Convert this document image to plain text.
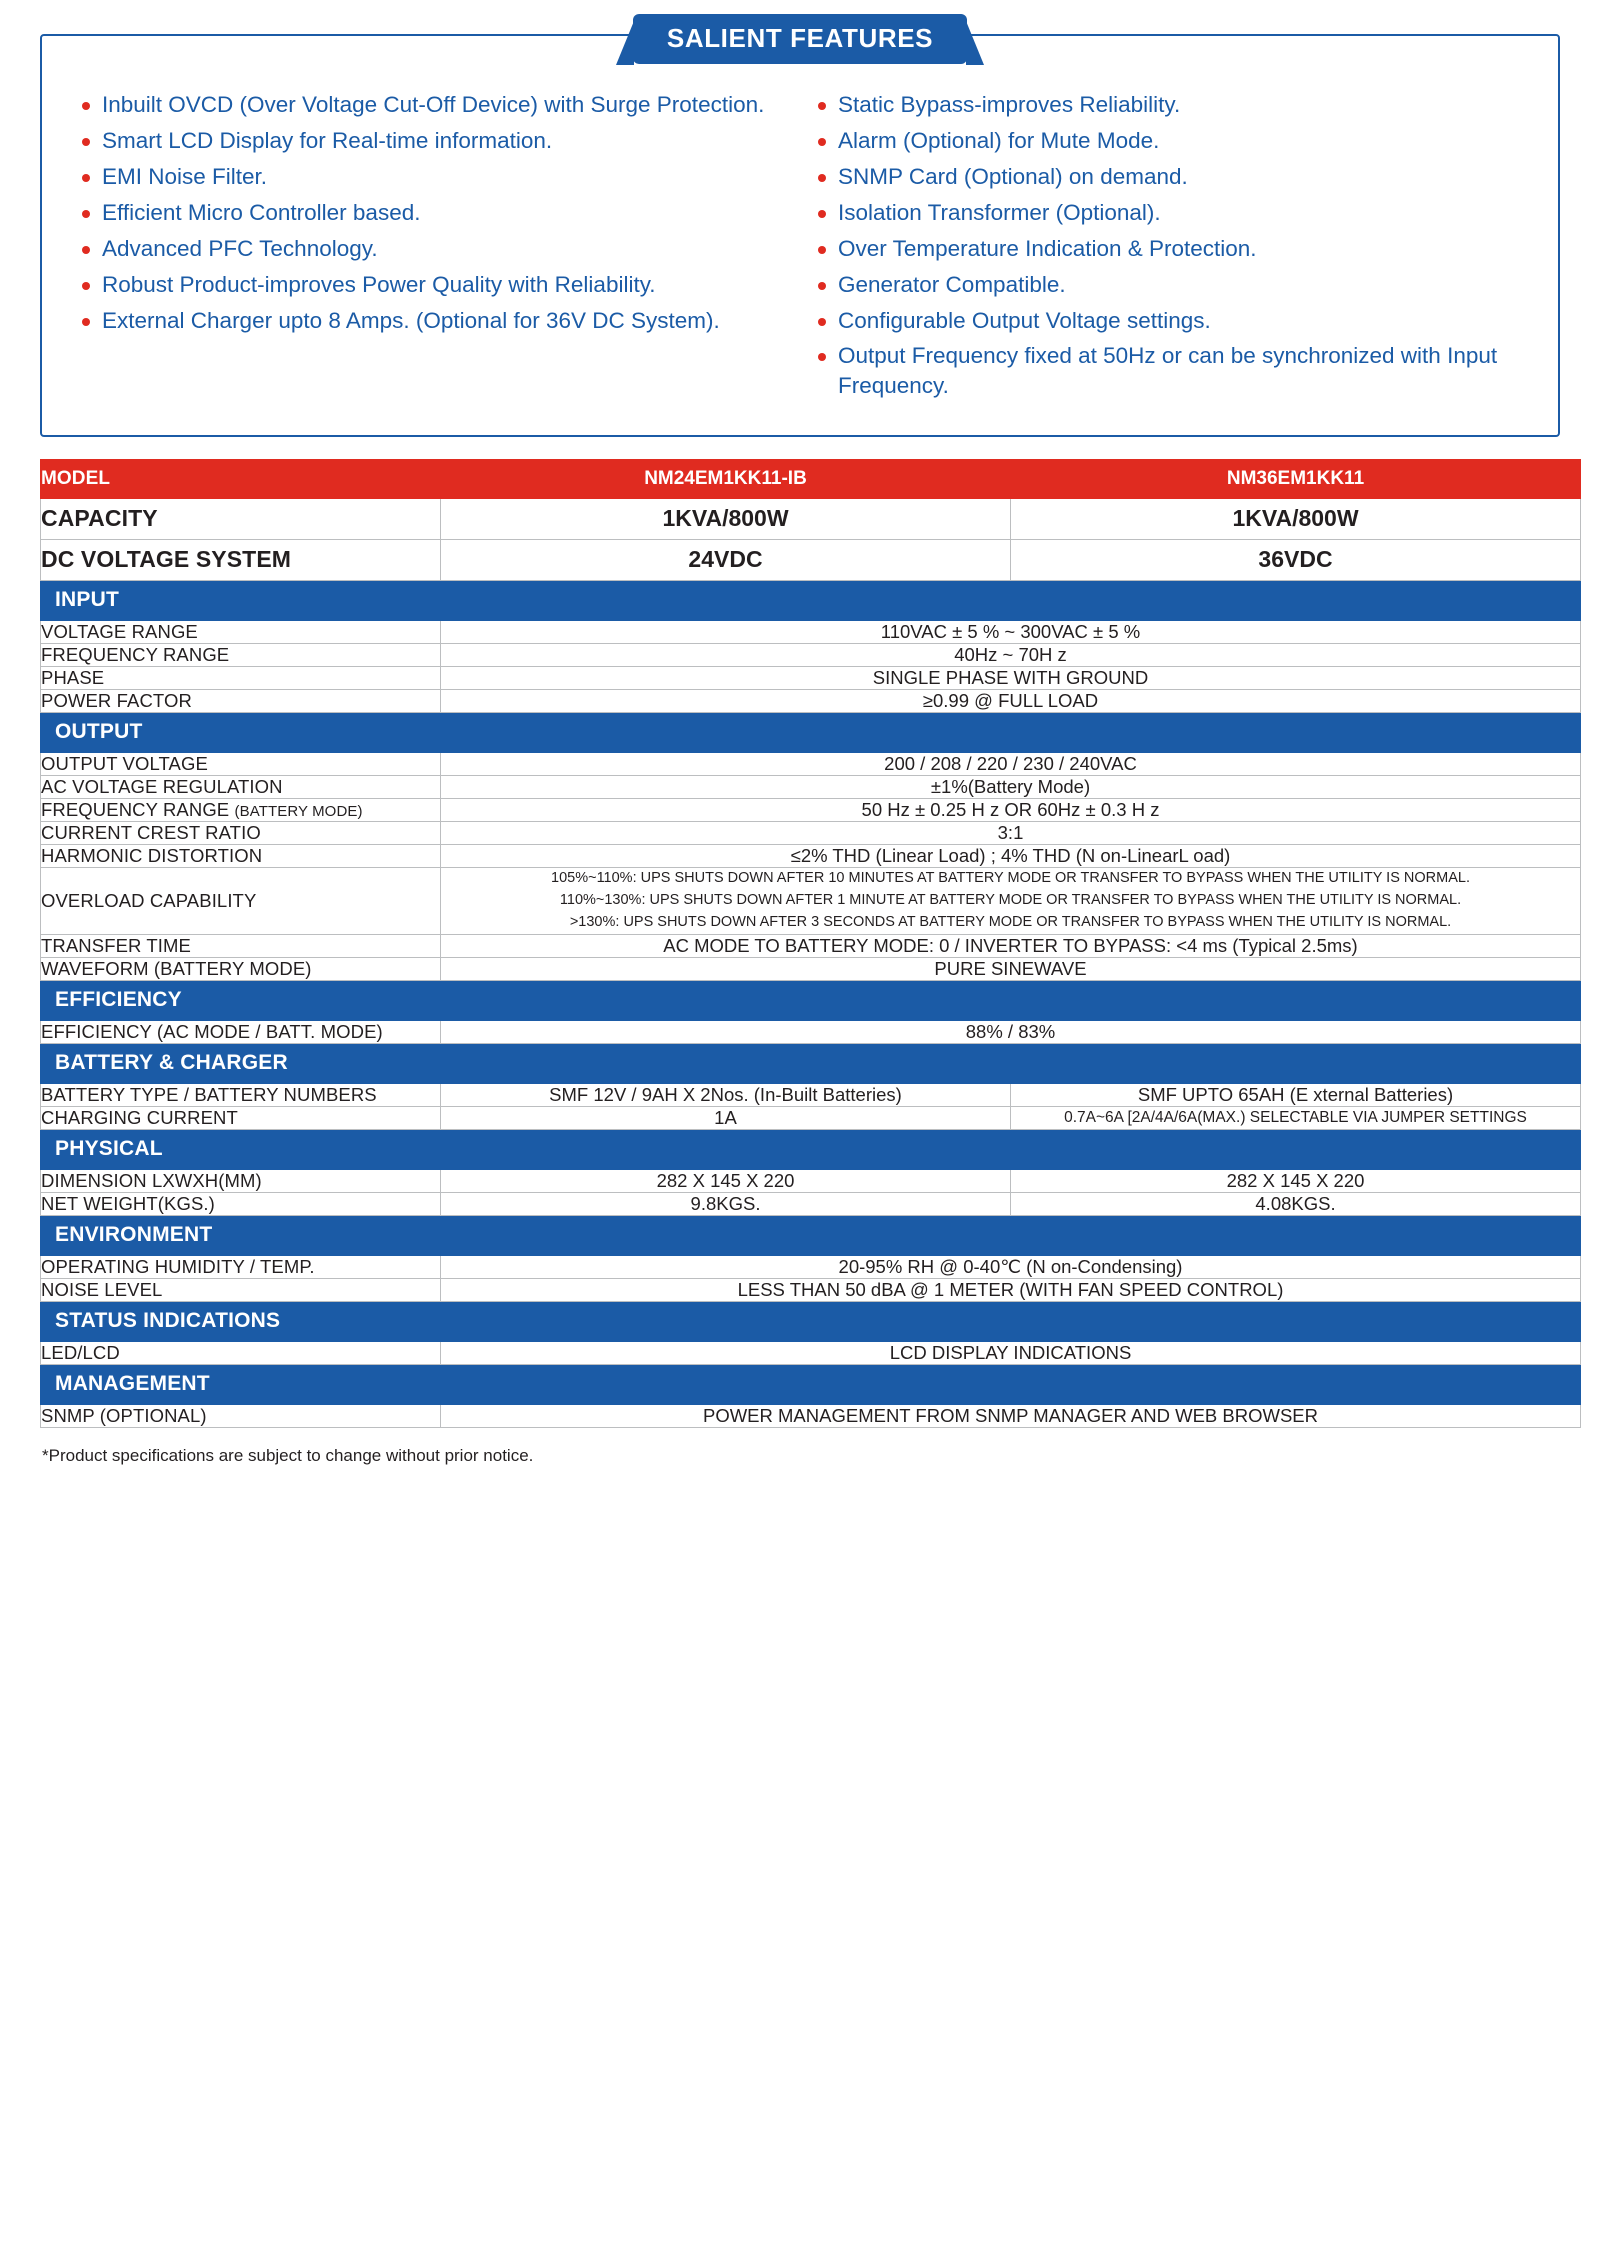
SALIENT FEATURES
Inbuilt OVCD (Over Voltage Cut-Off Device) with Surge Protection.
Smart LCD Display for Real-time information.
EMI Noise Filter.
Efficient Micro Controller based.
Advanced PFC Technology.
Robust Product-improves Power Quality with Reliability.
External Charger upto 8 Amps. (Optional for 36V DC System).
Static Bypass-improves Reliability.
Alarm (Optional) for Mute Mode.
SNMP Card (Optional) on demand.
Isolation Transformer (Optional).
Over Temperature Indication & Protection.
Generator Compatible.
Configurable Output Voltage settings.
Output Frequency fixed at 50Hz or can be synchronized with Input Frequency.
MODEL	NM24EM1KK11-IB	NM36EM1KK11
CAPACITY	1KVA/800W	1KVA/800W
DC VOLTAGE SYSTEM	24VDC	36VDC
INPUT		
VOLTAGE RANGE	110VAC ± 5 % ~ 300VAC ± 5 %	
FREQUENCY RANGE	40Hz ~ 70H z	
PHASE	SINGLE PHASE WITH GROUND	
POWER FACTOR	≥0.99 @ FULL LOAD	
OUTPUT		
OUTPUT VOLTAGE	200 / 208 / 220 / 230 / 240VAC	
AC VOLTAGE REGULATION	±1%(Battery Mode)	
FREQUENCY RANGE (BATTERY MODE)	50 Hz ± 0.25 H z OR 60Hz ± 0.3 H z	
CURRENT CREST RATIO	3:1	
HARMONIC DISTORTION	≤2% THD (Linear Load) ; 4% THD (N on-LinearL oad)	
OVERLOAD CAPABILITY	105%~110%: UPS SHUTS DOWN AFTER 10 MINUTES AT BATTERY MODE OR TRANSFER TO BYPASS WHEN THE UTILITY IS NORMAL.
110%~130%: UPS SHUTS DOWN AFTER 1 MINUTE AT BATTERY MODE OR TRANSFER TO BYPASS WHEN THE UTILITY IS NORMAL.
>130%: UPS SHUTS DOWN AFTER 3 SECONDS AT BATTERY MODE OR TRANSFER TO BYPASS WHEN THE UTILITY IS NORMAL.	

TRANSFER TIME	AC MODE TO BATTERY MODE: 0 / INVERTER TO BYPASS: <4 ms (Typical 2.5ms)	
WAVEFORM (BATTERY MODE)	PURE SINEWAVE	
EFFICIENCY		
EFFICIENCY (AC MODE / BATT. MODE)	88% / 83%	
BATTERY & CHARGER		
BATTERY TYPE / BATTERY NUMBERS	SMF 12V / 9AH X 2Nos. (In-Built Batteries)	SMF UPTO 65AH (E xternal Batteries)
CHARGING CURRENT	1A	0.7A~6A [2A/4A/6A(MAX.) SELECTABLE VIA JUMPER SETTINGS
PHYSICAL		
DIMENSION LXWXH(MM)	282 X 145 X 220	282 X 145 X 220
NET WEIGHT(KGS.)	9.8KGS.	4.08KGS.
ENVIRONMENT		
OPERATING HUMIDITY / TEMP.	20-95% RH @ 0-40℃ (N on-Condensing)	
NOISE LEVEL	LESS THAN 50 dBA @ 1 METER (WITH FAN SPEED CONTROL)	
STATUS INDICATIONS		
LED/LCD	LCD DISPLAY INDICATIONS	
MANAGEMENT		
SNMP (OPTIONAL)	POWER MANAGEMENT FROM SNMP MANAGER AND WEB BROWSER	
*Product specifications are subject to change without prior notice.
